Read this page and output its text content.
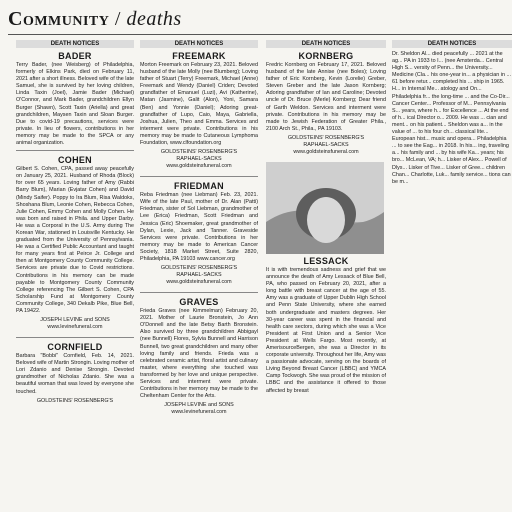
Community / deaths
DEATH NOTICES
BADER

Terry Bader, (nee Weisberg) of Philadelphia, formerly of Elkins Park, died on February 11, 2021 after a short illness. Beloved wife of the late Samuel, she is survived by her loving children, Linda Taxin (Joel), Jamie Bader (Michael) O'Connor, and Mark Bader, grandchildren Ellyn Burger (Shawn), Scott Taxin (Ariella) and great grandchildren, Maysen Taxin and Sloan Burger. Due to covid-19 precautions, services were private. In lieu of flowers, contributions in her memory may be made to the SPCA or any animal organization.

COHEN

Gilbert S. Cohen, CPA, passed away peacefully on January 25, 2021. Husband of Rhoda (Block) for over 65 years. Loving father of Amy (Rabbi Barry Blum), Marian (Evjatar Cohen) and David (Mindy Saifer). Poppy to Ira Blum, Risa Waldoks, Shoshana Blum, Leonie Cohen, Rebecca Cohen, Julie Cohen, Emmy Cohen and Molly Cohen. He was born and raised in Phila. and Upper Darby. He was a Corporal in the U.S. Army during The Korean War, stationed in Louisville Kentucky. He graduated from the University of Pennsylvania. He was a Certified Public Accountant and taught for many years first at Peirce Jr. College and then at Montgomery County Community College. Services are private due to Covid restrictions. Contributions in his memory can be made payable to Montgomery County Community College referencing The Gilbert S. Cohen, CPA Scholarship Fund at Montgomery County Community College, 340 Dekalb Pike, Blue Bell, PA 19422.

JOSEPH LEVINE and SONS
www.levinefuneral.com
CORNFIELD

Barbara "Bobbi" Cornfield, Feb. 14, 2021. Beloved wife of Martin Strongin. Loving mother of Lori Zdanio and Denise Strongin. Devoted grandmother of Nicholas Zdanio. She was a beautiful woman that was loved by everyone she touched.

GOLDSTEINS' ROSENBERG'S
DEATH NOTICES
FREEMARK

Morton Freemark on February 23, 2021. Beloved husband of the late Molly (nee Blumberg); Loving father of Stuart (Terry) Freemark, Michael (Anne) Freemark and Wendy (Daniel) Criden; Devoted grandfather of Emanuel (Luzi), Avi (Katherine), Matan (Jasmine), Galit (Alon), Yoni, Samara (Ben) and Yonnie (Daniel); Adoring great-grandfather of Lupo, Caio, Maya, Gabriella, Joshua, Julien, Theo and Emma. Services and interment were private. Contributions in his memory may be made to Cutaneous Lymphoma Foundation, www.clfoundation.org

GOLDSTEINS' ROSENBERG'S
RAPHAEL-SACKS
www.goldsteinsfuneral.com
FRIEDMAN

Reba Friedman (nee Liebman) Feb. 23, 2021. Wife of the late Paul, mother of Dr. Alan (Patti) Friedman, sister of Sol Liebman, grandmother of Lee (Erica) Friedman, Scott Friedman and Jessica (Eric) Shoemaker, great grandmother of Dylan, Lexie, Jack and Tanner. Graveside Services were private. Contributions in her memory may be made to American Cancer Society, 1818 Market Street, Suite 2820, Philadelphia, PA 19103 www.cancer.org

GOLDSTEINS' ROSENBERG'S
RAPHAEL-SACKS
www.goldsteinsfuneral.com
GRAVES

Frieda Graves (nee Kimmelman) February 20, 2021. Mother of Laurie Bronstein, Jo Ann O'Donnell and the late Betsy Barth Bronstein. Also survived by three grandchildren Abbigayl (nee Bunnell) Flores, Sylvia Bunnell and Harrison Bunnell, two great grandchildren and many other loving family and friends. Frieda was a celebrated ceramic artist, floral artist and culinary master, where everything she touched was transformed by her love and unique perspective. Services and interment were private. Contributions in her memory may be made to the Cheltenham Center for the Arts.

JOSEPH LEVINE and SONS
www.levinefuneral.com
DEATH NOTICES
KORNBERG

Fredric Kornberg on February 17, 2021. Beloved husband of the late Annise (nee Boles); Loving father of Eric Kornberg, Kevin (Lorelie) Greber, Steven Greber and the late Jason Kornberg; Adoring grandfather of Ian and Caroline; Devoted uncle of Dr. Bruce (Merle) Kornberg; Dear friend of Garth Weldon. Services and interment were private. Contributions in his memory may be made to Jewish Federation of Greater Phila., 2100 Arch St., Phila., PA 19103.

GOLDSTEINS' ROSENBERG'S
RAPHAEL-SACKS
www.goldsteinsfuneral.com
LESSACK

It is with tremendous sadness and grief that we announce the death of Amy Lessack of Blue Bell, PA, who passed on February 20, 2021, after a long battle with breast cancer at the age of 55. Amy was a graduate of Upper Dublin High School and Penn State University, where she earned both undergraduate and masters degrees. Her 30-year career was spent in the financial and health care sectors, during which she was a Vice President at First Union and a Senior Vice President at Wells Fargo. Most recently, at AmerisourceBergen, she was a Director in its corporate university. Throughout her life, Amy was a passionate advocate, serving on the boards of Living Beyond Breast Cancer (LBBC) and YMCA Camp Tockwogh. She was proud of the mission of LBBC and the assistance it offered to those affected by breast

DEATH NOTICES

Dr. Sheldon Al... died peacefully ... 2021 at the ag... PA in 1933 to I... (nee Amsterda... Central High S... versity of Penn... the University... Medicine (Cla... his one-year in... a physician in ... 61 before retur... completed his ... ship in 1965. H... in Internal Me... atology and On... Philadelphia fr... the long-time ... and the Co-Dir... Cancer Center... Professor of M... Pennsylvania S... years, where h... for Excellence ... At the end of h... ical Director o... 2009. He was ... cian and ment... on his patient... Sheldon was a... in the value of ... to his four ch... classical lite... European hist... music and opera... Philadelphia ... to see the Eag... in 2018. In his... ing, traveling a... his family and ... by his wife Ka... years; his bro... McLean, VA; h... Lisker of Alex... Powell of Dlys... Lisker of Tive... Lisker of Gree... children Chan... Charlotte, Luk... family service... tions can be m...
